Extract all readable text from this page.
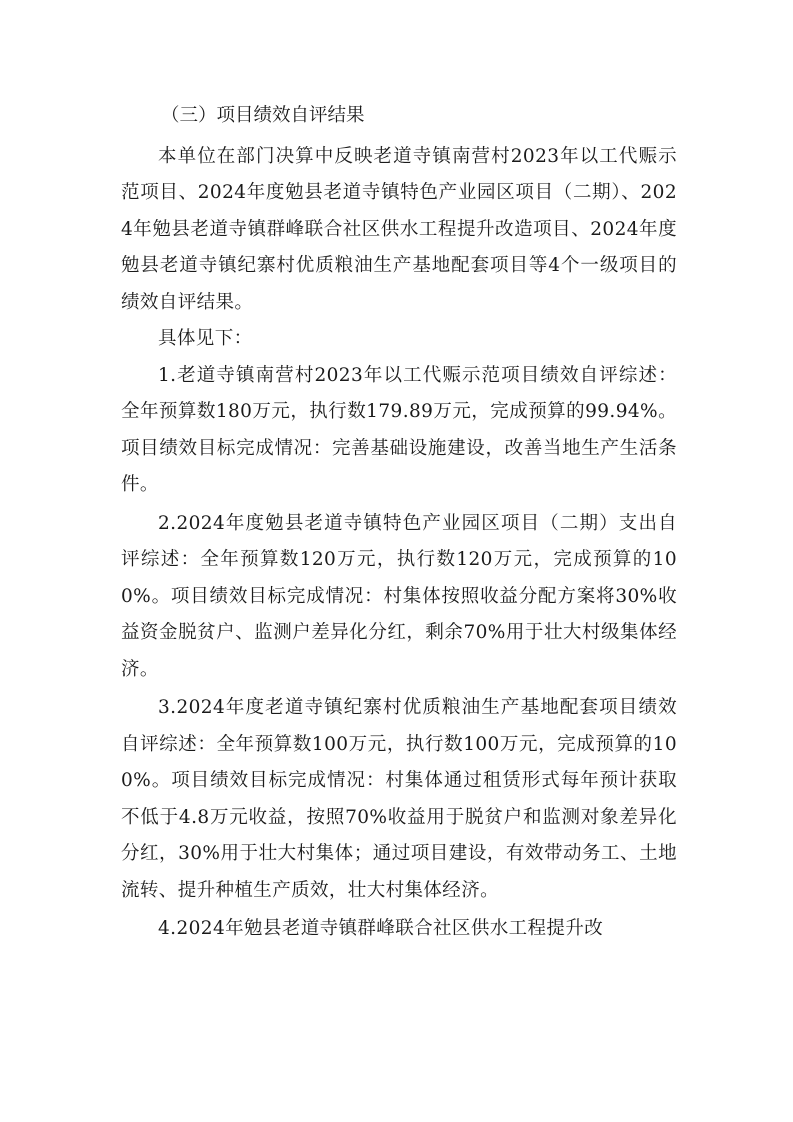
（三）项目绩效自评结果

本单位在部门决算中反映老道寺镇南营村2023年以工代赈示范项目、2024年度勉县老道寺镇特色产业园区项目（二期）、2024年勉县老道寺镇群峰联合社区供水工程提升改造项目、2024年度勉县老道寺镇纪寨村优质粮油生产基地配套项目等4个一级项目的绩效自评结果。

具体见下：

1.老道寺镇南营村2023年以工代赈示范项目绩效自评综述：全年预算数180万元，执行数179.89万元，完成预算的99.94%。项目绩效目标完成情况：完善基础设施建设，改善当地生产生活条件。

2.2024年度勉县老道寺镇特色产业园区项目（二期）支出自评综述：全年预算数120万元，执行数120万元，完成预算的100%。项目绩效目标完成情况：村集体按照收益分配方案将30%收益资金脱贫户、监测户差异化分红，剩余70%用于壮大村级集体经济。

3.2024年度老道寺镇纪寨村优质粮油生产基地配套项目绩效自评综述：全年预算数100万元，执行数100万元，完成预算的100%。项目绩效目标完成情况：村集体通过租赁形式每年预计获取不低于4.8万元收益，按照70%收益用于脱贫户和监测对象差异化分红，30%用于壮大村集体；通过项目建设，有效带动务工、土地流转、提升种植生产质效，壮大村集体经济。

4.2024年勉县老道寺镇群峰联合社区供水工程提升改
